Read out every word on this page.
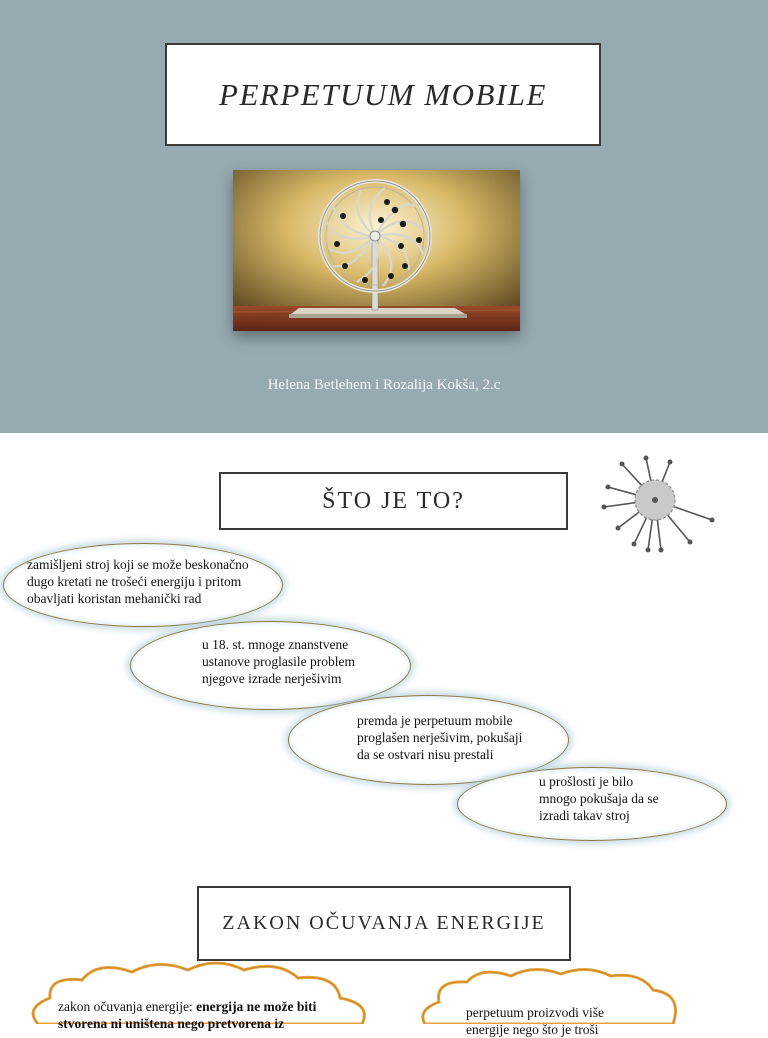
PERPETUUM MOBILE
Helena Betlehem i Rozalija Kokša, 2.c
ŠTO JE TO?
zamišljeni stroj koji se može beskonačno
dugo kretati ne trošeći energiju i pritom
obavljati koristan mehanički rad
u 18. st. mnoge znanstvene
ustanove proglasile problem
njegove izrade nerješivim
premda je perpetuum mobile
proglašen nerješivim, pokušaji
da se ostvari nisu prestali
u prošlosti je bilo
mnogo pokušaja da se
izradi takav stroj
ZAKON OČUVANJA ENERGIJE
zakon očuvanja energije: energija ne može biti
stvorena ni uništena nego pretvorena iz
perpetuum proizvodi više
energije nego što je troši
